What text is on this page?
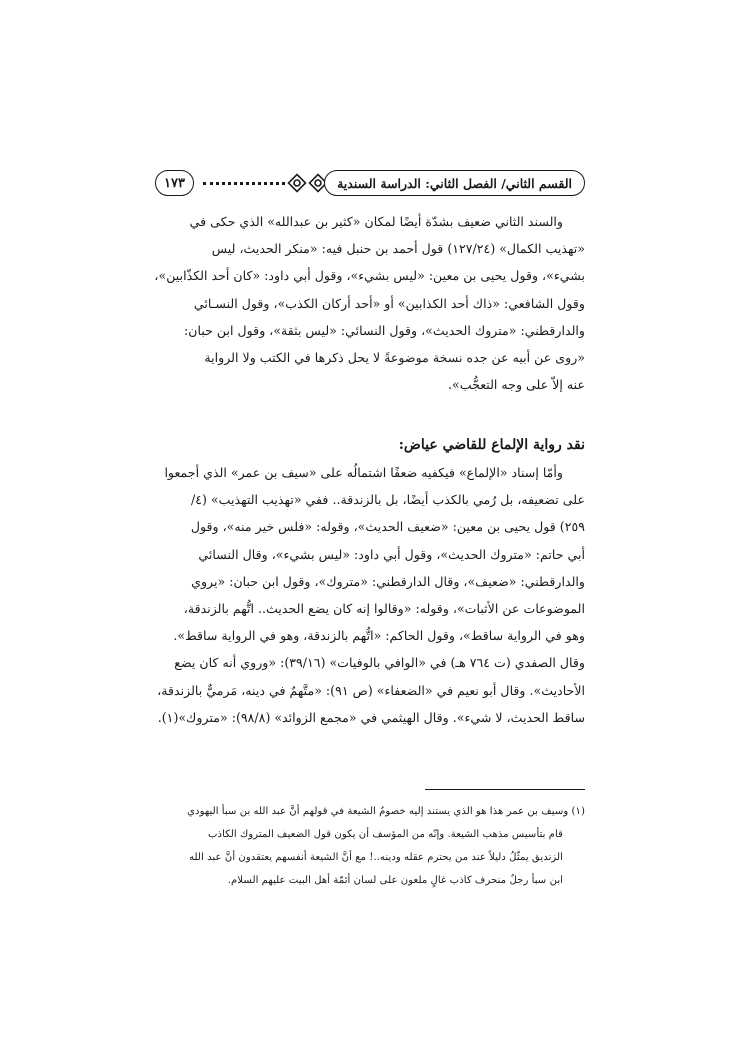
١٧٣	القسم الثاني/ الفصل الثاني: الدراسة السندية
والسند الثاني ضعيف بشدّة أيضًا لمكان «كثير بن عبدالله» الذي حكى في
«تهذيب الكمال» (١٢٧/٢٤) قول أحمد بن حنبل فيه: «منكر الحديث، ليس
بشيء»، وقول يحيى بن معين: «ليس بشيء»، وقول أبي داود: «كان أحد الكذّابين»،
وقول الشافعي: «ذاك أحد الكذابين» أو «أحد أركان الكذب»، وقول النسـائي
والدارقطني: «متروك الحديث»، وقول النسائي: «ليس بثقة»، وقول ابن حبان:
«روى عن أبيه عن جده نسخة موضوعةً لا يحل ذكرها في الكتب ولا الرواية
عنه إلاّ على وجه التعجُّب».
نقد رواية الإلماع للقاضي عياض:
وأمّا إسناد «الإلماع» فيكفيه ضعفًا اشتمالُه على «سيف بن عمر» الذي أجمعوا
على تضعيفه، بل رُمي بالكذب أيضًا، بل بالزندقة.. ففي «تهذيب التهذيب» (٤/
٢٥٩) قول يحيى بن معين: «ضعيف الحديث»، وقوله: «فلس خير منه»، وقول
أبي حاتم: «متروك الحديث»، وقول أبي داود: «ليس بشيء»، وقال النسائي
والدارقطني: «ضعيف»، وقال الدارقطني: «متروك»، وقول ابن حبان: «يروي
الموضوعات عن الأثبات»، وقوله: «وقالوا إنه كان يضع الحديث.. اتُّهم بالزندقة،
وهو في الرواية ساقط»، وقول الحاكم: «اتُّهم بالزندقة، وهو في الرواية ساقط».
وقال الصفدي (ت ٧٦٤ هـ) في «الوافي بالوفيات» (٣٩/١٦): «وروي أنه كان يضع
الأحاديث». وقال أبو نعيم في «الضعفاء» (ص ٩١): «متَّهمٌ في دينه، مَرميٌّ بالزندقة،
ساقط الحديث، لا شيء». وقال الهيثمي في «مجمع الزوائد» (٩٨/٨): «متروك»(١).
(١) وسيف بن عمر هذا هو الذي يستند إليه خصومُ الشيعة في قولهم أنَّ عبد الله بن سبأ اليهودي
قام بتأسيس مذهب الشيعة. وإنّه من المؤسف أن يكون قول الضعيف المتروك الكاذب
الزنديق يمثّلُ دليلاً عند من يحترم عقله ودينه..! مع أنَّ الشيعة أنفسهم يعتقدون أنَّ عبد الله
ابن سبأ رجلٌ منحرف كاذب غالٍ ملعون على لسان أئمّة أهل البيت عليهم السلام.
